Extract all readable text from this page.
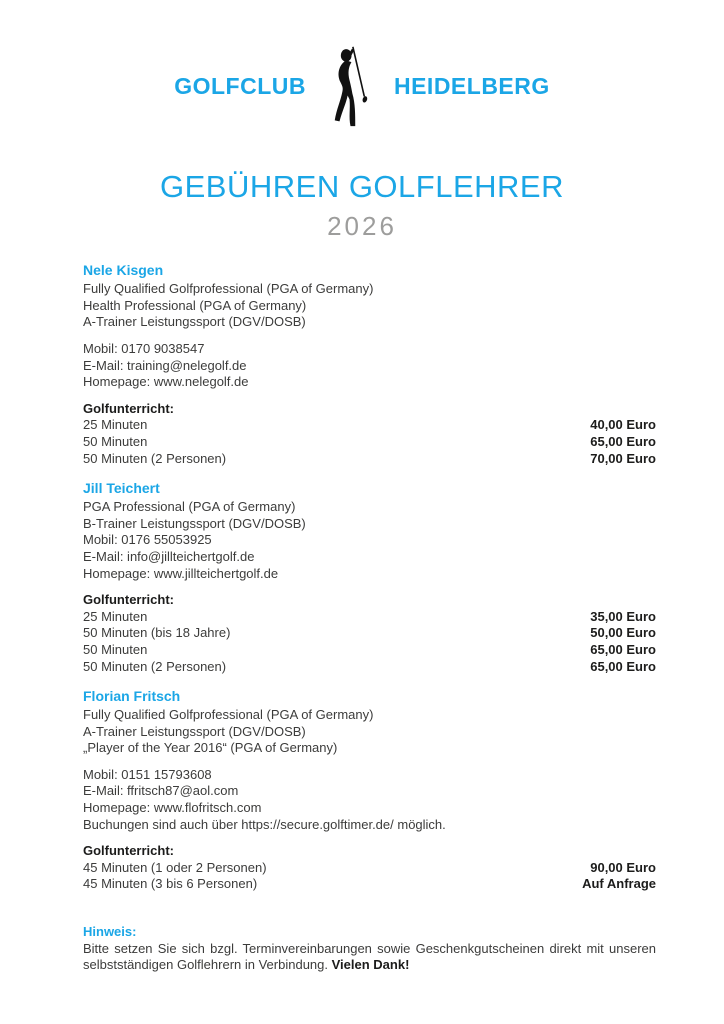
GOLFCLUB	HEIDELBERG
GEBÜHREN GOLFLEHRER
2026

Nele Kisgen

Fully Qualified Golfprofessional (PGA of Germany)

Health Professional (PGA of Germany)

A-Trainer Leistungssport (DGV/DOSB)

Mobil: 0170 9038547

E-Mail: training@nelegolf.de

Homepage: www.nelegolf.de

Golfunterricht:

25 Minuten	40,00 Euro

50 Minuten	65,00 Euro

50 Minuten (2 Personen)	70,00 Euro

Jill Teichert

PGA Professional (PGA of Germany)

B-Trainer Leistungssport (DGV/DOSB)

Mobil: 0176 55053925

E-Mail: info@jillteichertgolf.de

Homepage: www.jillteichertgolf.de

Golfunterricht:

25 Minuten	35,00 Euro

50 Minuten (bis 18 Jahre)	50,00 Euro

50 Minuten	65,00 Euro

50 Minuten (2 Personen)	65,00 Euro

Florian Fritsch

Fully Qualified Golfprofessional (PGA of Germany)

A-Trainer Leistungssport (DGV/DOSB)

„Player of the Year 2016“ (PGA of Germany)

Mobil: 0151 15793608

E-Mail: ffritsch87@aol.com

Homepage: www.flofritsch.com

Buchungen sind auch über https://secure.golftimer.de/ möglich.

Golfunterricht:

45 Minuten (1 oder 2 Personen)	90,00 Euro

45 Minuten (3 bis 6 Personen)	Auf Anfrage

Hinweis:

Bitte setzen Sie sich bzgl. Terminvereinbarungen sowie Geschenkgutscheinen direkt mit unseren selbstständigen Golflehrern in Verbindung. Vielen Dank!
